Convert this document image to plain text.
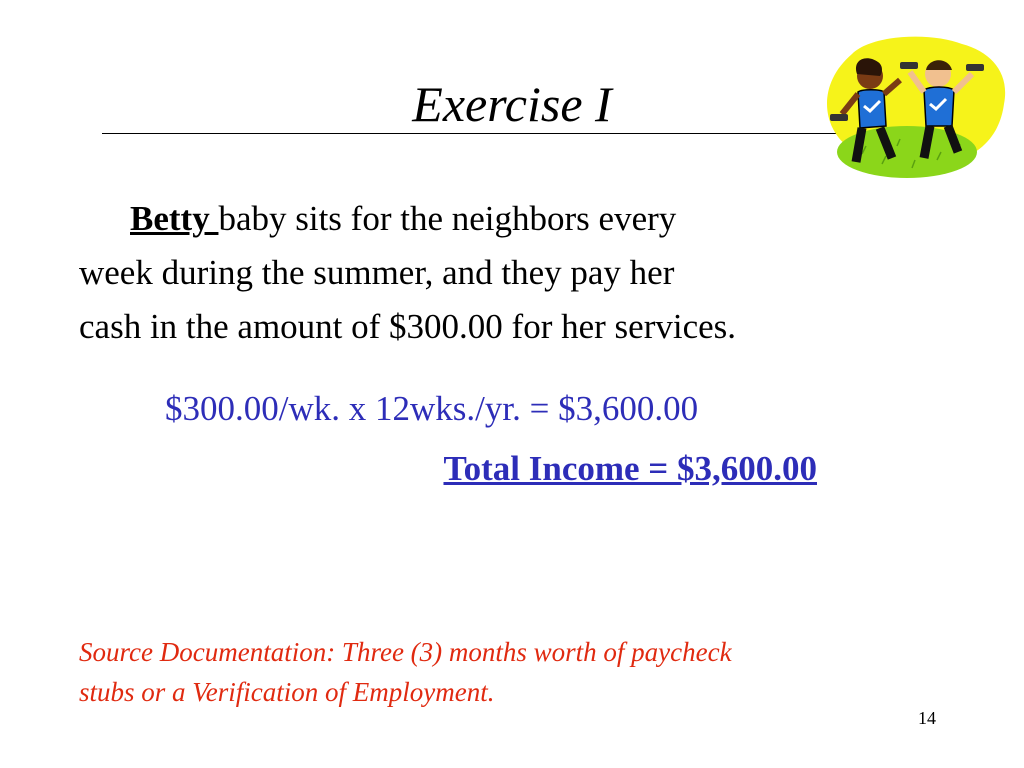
Exercise I
Betty baby sits for the neighbors every
week during the summer, and they pay her
cash in the amount of $300.00 for her services.
$300.00/wk. x 12wks./yr. = $3,600.00
Total Income = $3,600.00
Source Documentation: Three (3) months worth of paycheck
stubs or a Verification of Employment.
14
